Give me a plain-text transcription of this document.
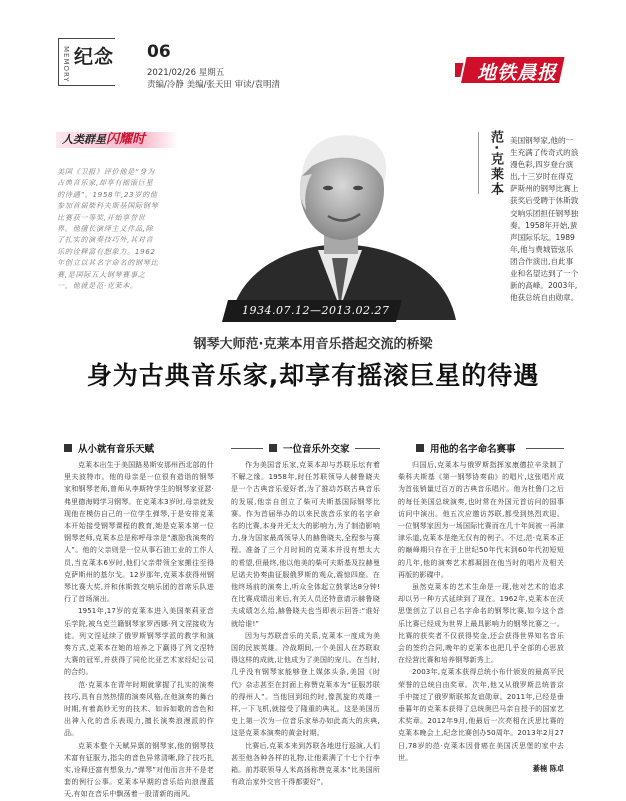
MEMORY 纪念 06
2021/02/26 星期五
责编/冷静 美编/张天田 审读/袁明清
地铁晨报
人类群星闪耀时
美国《卫报》评价他是“身为古典音乐家,却享有摇滚巨星的待遇”。1958年,23岁的他参加首届柴科夫斯基国际钢琴比赛获一等奖,开始享誉世界。他擅长演绎主义作品,除了扎实的演奏技巧外,其对音乐的诠释富有想象力。1962年创立以其名字命名的钢琴比赛,是国际五大钢琴赛事之一。他就是范·克莱本。
1934.07.12—2013.02.27
范·克莱本 美国钢琴家,他的一生充满了传奇式的浪漫色彩,四岁登台演出,十三岁时在得克萨斯州的钢琴比赛上获奖后受聘于休斯敦交响乐团担任钢琴独奏。1958年开始,蜚声国际乐坛。1989年,他与费城管弦乐团合作演出,自此事业和名望达到了一个新的高峰。2003年,他获总统自由勋章。
钢琴大师范·克莱本用音乐搭起交流的桥梁
身为古典音乐家,却享有摇滚巨星的待遇
从小就有音乐天赋

克莱本出生于美国路易斯安那州西北部的什里夫波特市。他的母亲是一位很有造诣的钢琴家和钢琴老师,曾师从李斯特学生的钢琴家亚瑟·弗里德海姆学习钢琴。在克莱本3岁时,母亲就发现他在模仿自己的一位学生弹琴,于是安排克莱本开始接受钢琴课程的教育,她是克莱本第一位钢琴老师,克莱本总是称呼母亲是“激励我演奏的人”。他的父亲则是一位从事石油工业的工作人员,当克莱本6岁时,他们父亲带领全家搬往至得克萨斯州的基尔戈。12岁那年,克莱本获得州钢琴比赛大奖,并和休斯敦交响乐团的首席乐队进行了首场演出。

1951年,17岁的克莱本进入美国茱莉亚音乐学院,被乌克兰籍钢琴家罗西娜·列文涅接收为徒。列文涅延续了俄罗斯钢琴学派的教学和演奏方式,克莱本在她的培养之下赢得了列文涅特大赛的冠军,并获得了同伦比亚艺术家经纪公司的合约。

范·克莱本在青年时期就掌握了扎实的演奏技巧,具有自然热情的演奏风格,在他演奏的舞台时期,有着高妙无穷的技术、如诉如歌的音色和出神入化的音乐表现力,擅长演奏浪漫派的作品。

克莱本整个天赋异禀的钢琴家,他的钢琴技术富有征服力,指尖的音色异常清晰,除了技巧扎实,诠释还富有想象力,“弹琴”对他而言并不是老套的例行公事。克莱本早期的音乐给向浪漫蓝天,有如在音乐中飘荡着一股清新的雨风。

一位音乐外交家

作为美国音乐家,克莱本却与苏联乐坛有着不解之缘。1958年,时任苏联领导人赫鲁晓夫是一个古典音乐爱好者,为了推动苏联古典音乐的发展,他亲自创立了柴可夫斯基国际钢琴比赛。作为首届举办的以来民族音乐家的名字命名的比赛,本身并无太大的影响力,为了制造影响力,身为国家最高领导人的赫鲁晓夫,全程参与赛程。准备了三个月时间的克莱本并没有想太大的希望,但最终,他以他美的柴可夫斯基及拉赫曼尼诺夫协奏曲征服俄罗斯的观众,震惊四座。在他终场前的演奏上,听众全体起立鼓掌达8分钟!在比赛成绩出来后,有关人员还特意请示赫鲁晓夫成绩怎么给,赫鲁晓夫也当即表示回答:“谁好就给谁!”

因为与苏联音乐的关系,克莱本一度成为美国的民族英雄。冷战期间,一个美国人在苏联取得这样的成就,让他成为了美国的宠儿。在当时,几乎没有钢琴家能够登上媒体头条,美国《时代》杂志甚至在封面上称赞克莱本为“征服苏联的得州人”。当他回到纽约时,像凯旋的英雄一样,一下飞机,就接受了隆重的典礼。这是美国历史上第一次为一位音乐家举办如此高大的庆典,这是克莱本演奏的黄金时期。

比赛后,克莱本来到苏联各地进行巡演,人们甚至他各种各样的礼物,让他素满了十七个行李箱。前苏联领导人米高扬称赞克莱本“比美国所有政治家外交官干得都要好”。

用他的名字命名赛事

归国后,克莱本与俄罗斯指挥家康德拉辛录制了柴科夫斯基《第一钢琴协奏曲》的唱片,这张唱片成为首张销量过百万的古典音乐唱片。他为杜鲁门之后的每任美国总统演奏,也时常在外国元首访问的国事访问中演出。他五次应邀访苏联,都受到热烈欢迎。一位钢琴家因为一场国际比赛而在几十年间被一再津津乐道,克莱本是绝无仅有的例子。不过,范·克莱本正的巅峰期只存在于上世纪50年代末到60年代初短短的几年,他的演奏艺术都凝固在他当时的唱片及相关再版的影碟中。

虽然克莱本的艺术生命是一现,他对艺术的追求却以另一种方式延续到了现在。1962年,克莱本在沃思堡创立了以自己名字命名的钢琴比赛,如今这个音乐比赛已经成为世界上最具影响力的钢琴比赛之一。比赛的获奖者不仅获得奖金,还会获得世界知名音乐会的签约合同,晚年的克莱本也把几乎全部的心思放在经营比赛和培养钢琴新秀上。

2003年,克莱本获得总统小布什颁发的最高平民荣誉的总统自由奖章。次年,他又从俄罗斯总统普京手中接过了俄罗斯联邦友谊勋章。2011年,已经是垂垂暮年的克莱本获得了总统奥巴马亲自授予的国家艺术奖章。2012年9月,他最后一次亮相在沃思比赛的克莱本晚会上,纪念比赛创办50周年。2013年2月27日,78岁的范·克莱本因骨癌在美国沃思堡的家中去世。

綦楠 陈卓
